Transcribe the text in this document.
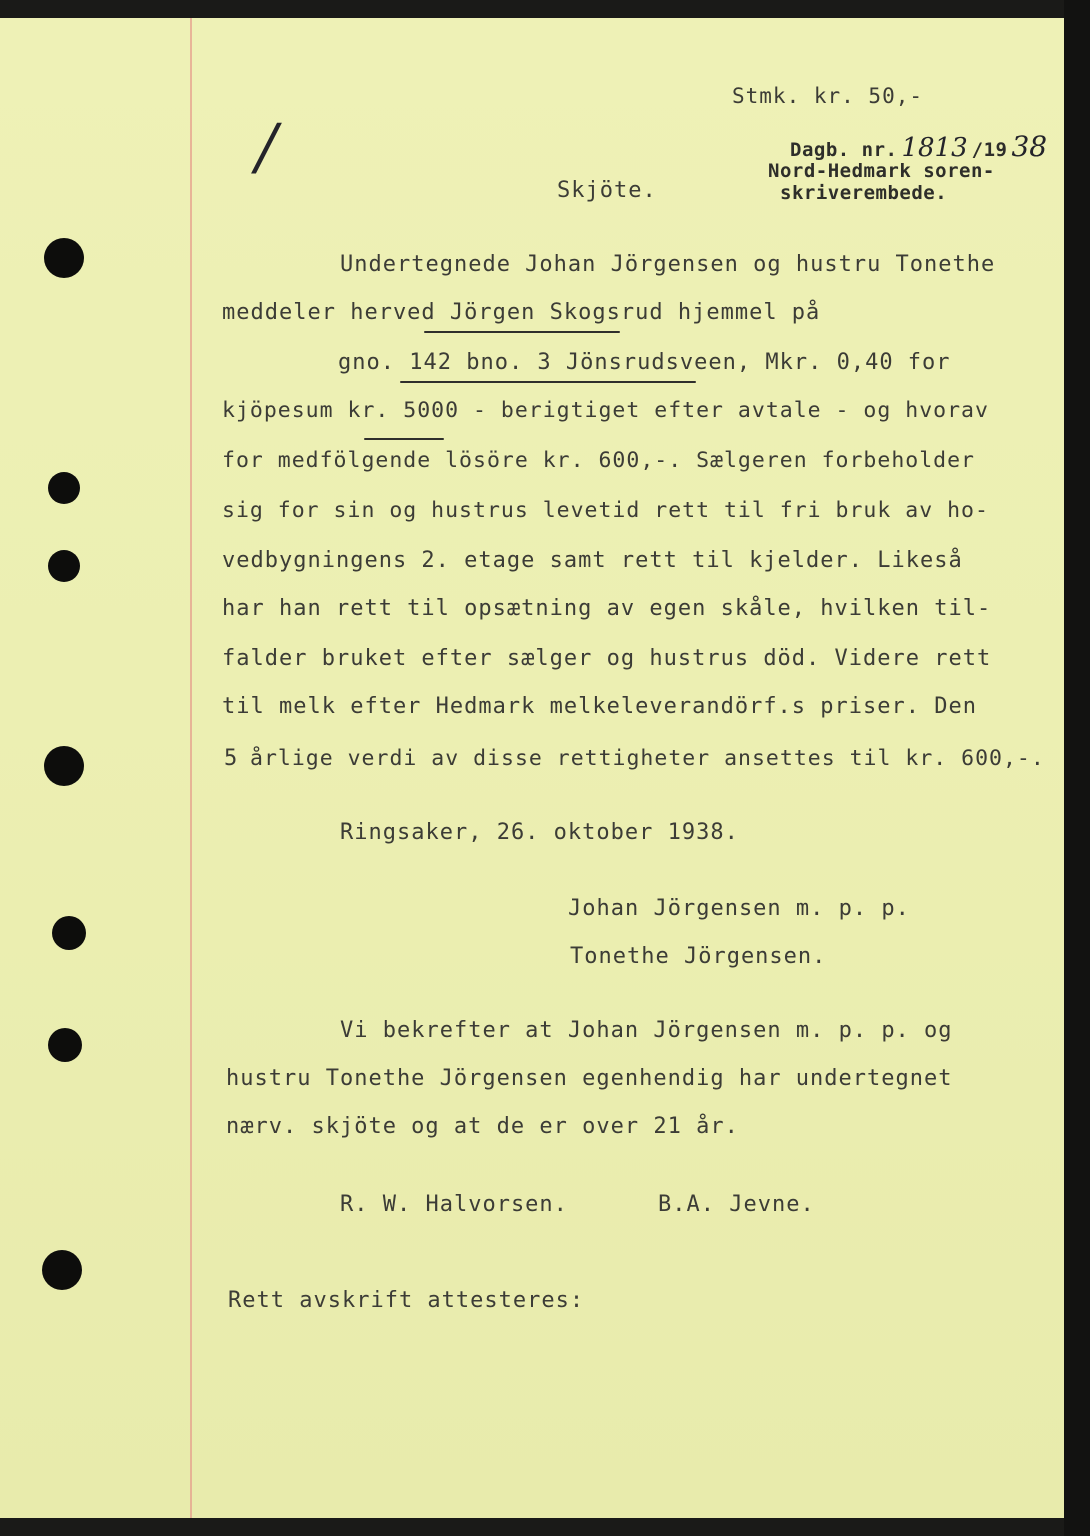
/
Stmk. kr. 50,-
Dagb. nr. 1813 /19 38
Nord-Hedmark soren-
skriverembede.
Skjöte.
Undertegnede Johan Jörgensen og hustru Tonethe
meddeler herved Jörgen Skogsrud hjemmel på
gno. 142 bno. 3 Jönsrudsveen, Mkr. 0,40 for
kjöpesum kr. 5000 - berigtiget efter avtale - og hvorav
for medfölgende lösöre kr. 600,-. Sælgeren forbeholder
sig for sin og hustrus levetid rett til fri bruk av ho-
vedbygningens 2. etage samt rett til kjelder. Likeså
har han rett til opsætning av egen skåle, hvilken til-
falder bruket efter sælger og hustrus död. Videre rett
til melk efter Hedmark melkeleverandörf.s priser. Den
5 årlige verdi av disse rettigheter ansettes til kr. 600,-.
Ringsaker, 26. oktober 1938.
Johan Jörgensen m. p. p.
Tonethe Jörgensen.
Vi bekrefter at Johan Jörgensen m. p. p. og
hustru Tonethe Jörgensen egenhendig har undertegnet
nærv. skjöte og at de er over 21 år.
R. W. Halvorsen.	B.A. Jevne.
Rett avskrift attesteres:
